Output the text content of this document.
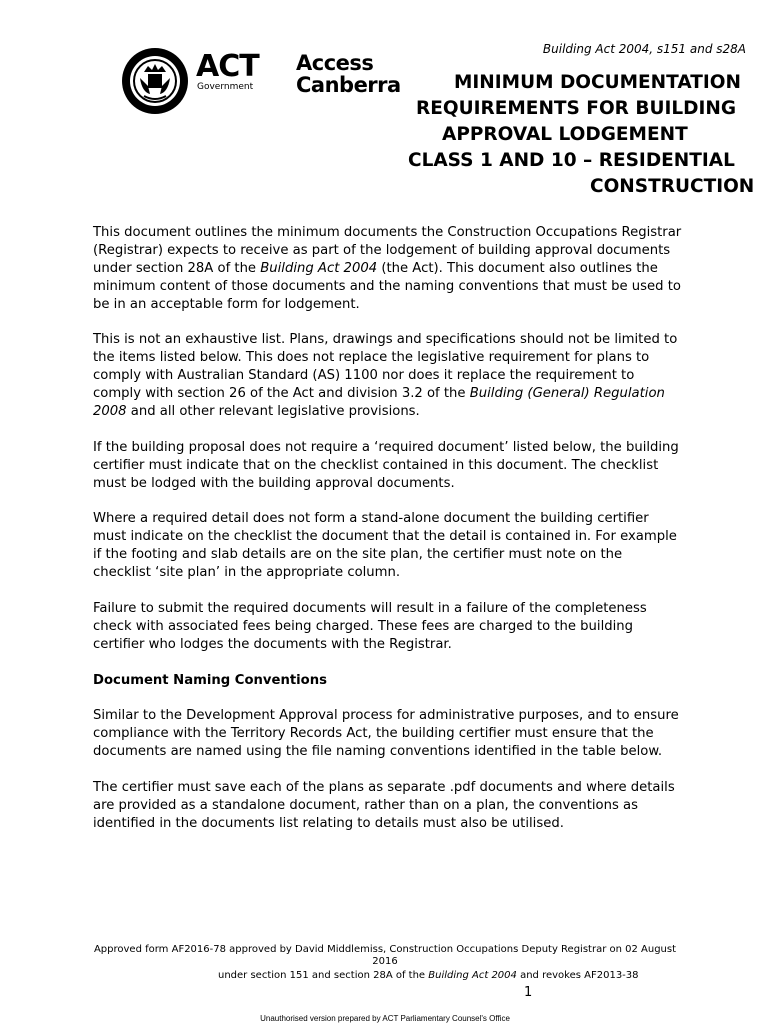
ACT
Government
Access
Canberra
Building Act 2004, s151 and s28A
MINIMUM DOCUMENTATION
REQUIREMENTS FOR BUILDING
APPROVAL LODGEMENT
CLASS 1 AND 10 – RESIDENTIAL
CONSTRUCTION

This document outlines the minimum documents the Construction Occupations Registrar (Registrar) expects to receive as part of the lodgement of building approval documents under section 28A of the Building Act 2004 (the Act). This document also outlines the minimum content of those documents and the naming conventions that must be used to be in an acceptable form for lodgement.

This is not an exhaustive list. Plans, drawings and specifications should not be limited to the items listed below. This does not replace the legislative requirement for plans to comply with Australian Standard (AS) 1100 nor does it replace the requirement to comply with section 26 of the Act and division 3.2 of the Building (General) Regulation 2008 and all other relevant legislative provisions.

If the building proposal does not require a ‘required document’ listed below, the building certifier must indicate that on the checklist contained in this document. The checklist must be lodged with the building approval documents.

Where a required detail does not form a stand-alone document the building certifier must indicate on the checklist the document that the detail is contained in. For example if the footing and slab details are on the site plan, the certifier must note on the checklist ‘site plan’ in the appropriate column.

Failure to submit the required documents will result in a failure of the completeness check with associated fees being charged. These fees are charged to the building certifier who lodges the documents with the Registrar.

Document Naming Conventions

Similar to the Development Approval process for administrative purposes, and to ensure compliance with the Territory Records Act, the building certifier must ensure that the documents are named using the file naming conventions identified in the table below.

The certifier must save each of the plans as separate .pdf documents and where details are provided as a standalone document, rather than on a plan, the conventions as identified in the documents list relating to details must also be utilised.

Approved form AF2016-78 approved by David Middlemiss, Construction Occupations Deputy Registrar on 02 August 2016
under section 151 and section 28A of the Building Act 2004 and revokes AF2013-38
1
Unauthorised version prepared by ACT Parliamentary Counsel's Office
